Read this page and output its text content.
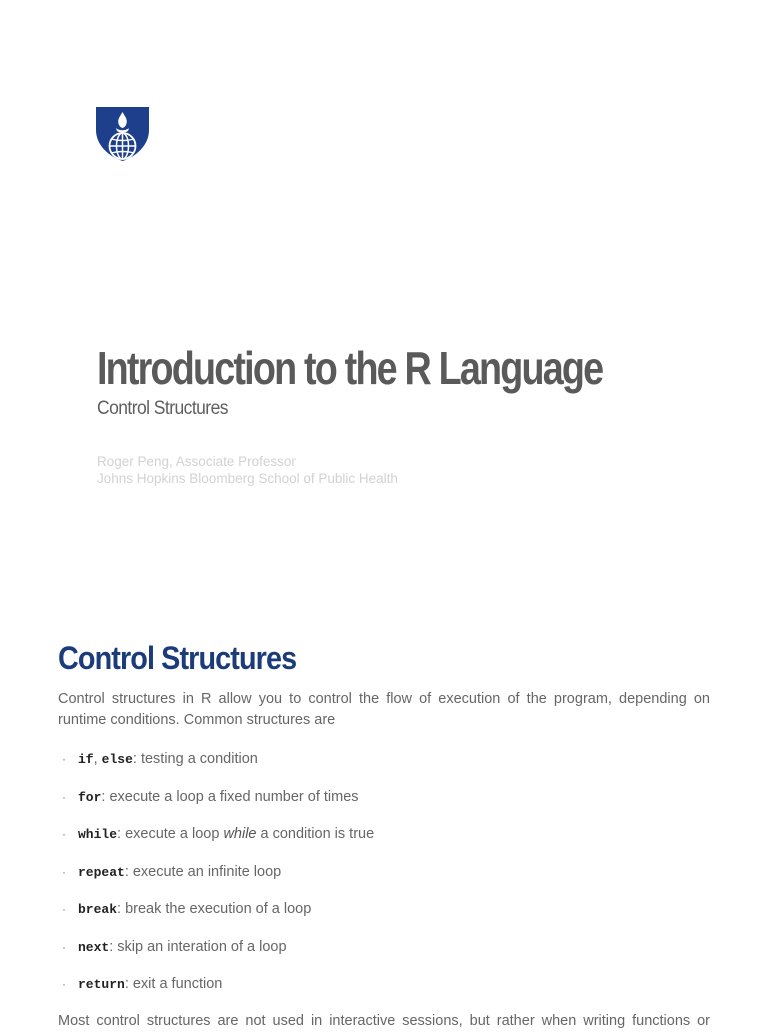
Introduction to the R Language
Control Structures
Roger Peng, Associate Professor
Johns Hopkins Bloomberg School of Public Health
Control Structures
Control structures in R allow you to control the flow of execution of the program, depending on
runtime conditions. Common structures are
· if, else: testing a condition
· for: execute a loop a fixed number of times
· while: execute a loop while a condition is true
· repeat: execute an infinite loop
· break: break the execution of a loop
· next: skip an interation of a loop
· return: exit a function
Most control structures are not used in interactive sessions, but rather when writing functions or
